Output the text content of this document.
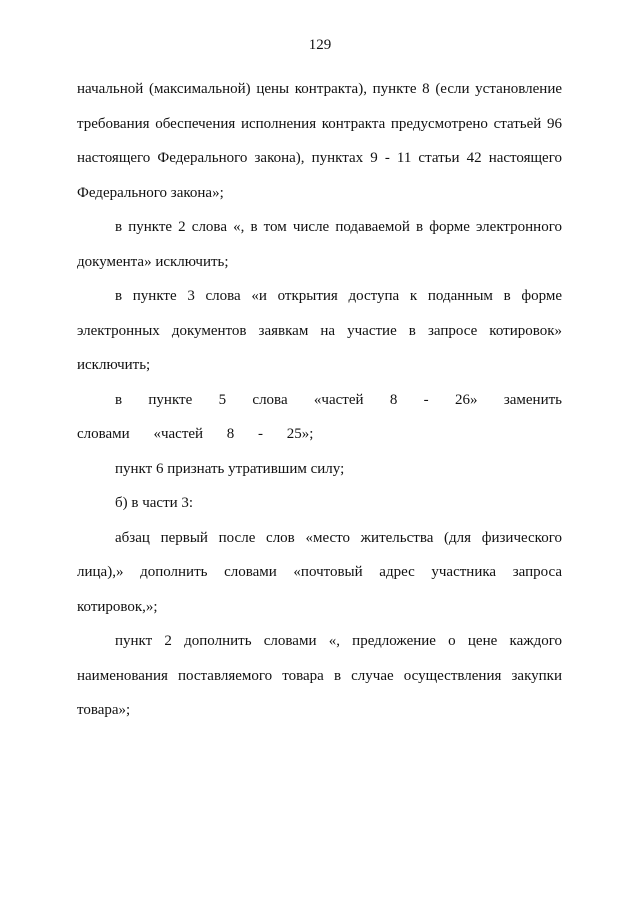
129

начальной (максимальной) цены контракта), пункте 8 (если установление требования обеспечения исполнения контракта предусмотрено статьей 96 настоящего Федерального закона), пунктах 9 - 11 статьи 42 настоящего Федерального закона»;

в пункте 2 слова «, в том числе подаваемой в форме электронного документа» исключить;

в пункте 3 слова «и открытия доступа к поданным в форме электронных документов заявкам на участие в запросе котировок» исключить;

в пункте 5 слова «частей 8 - 26» заменить словами «частей 8 - 25»;

пункт 6 признать утратившим силу;

б) в части 3:

абзац первый после слов «место жительства (для физического лица),» дополнить словами «почтовый адрес участника запроса котировок,»;

пункт 2 дополнить словами «, предложение о цене каждого наименования поставляемого товара в случае осуществления закупки товара»;
